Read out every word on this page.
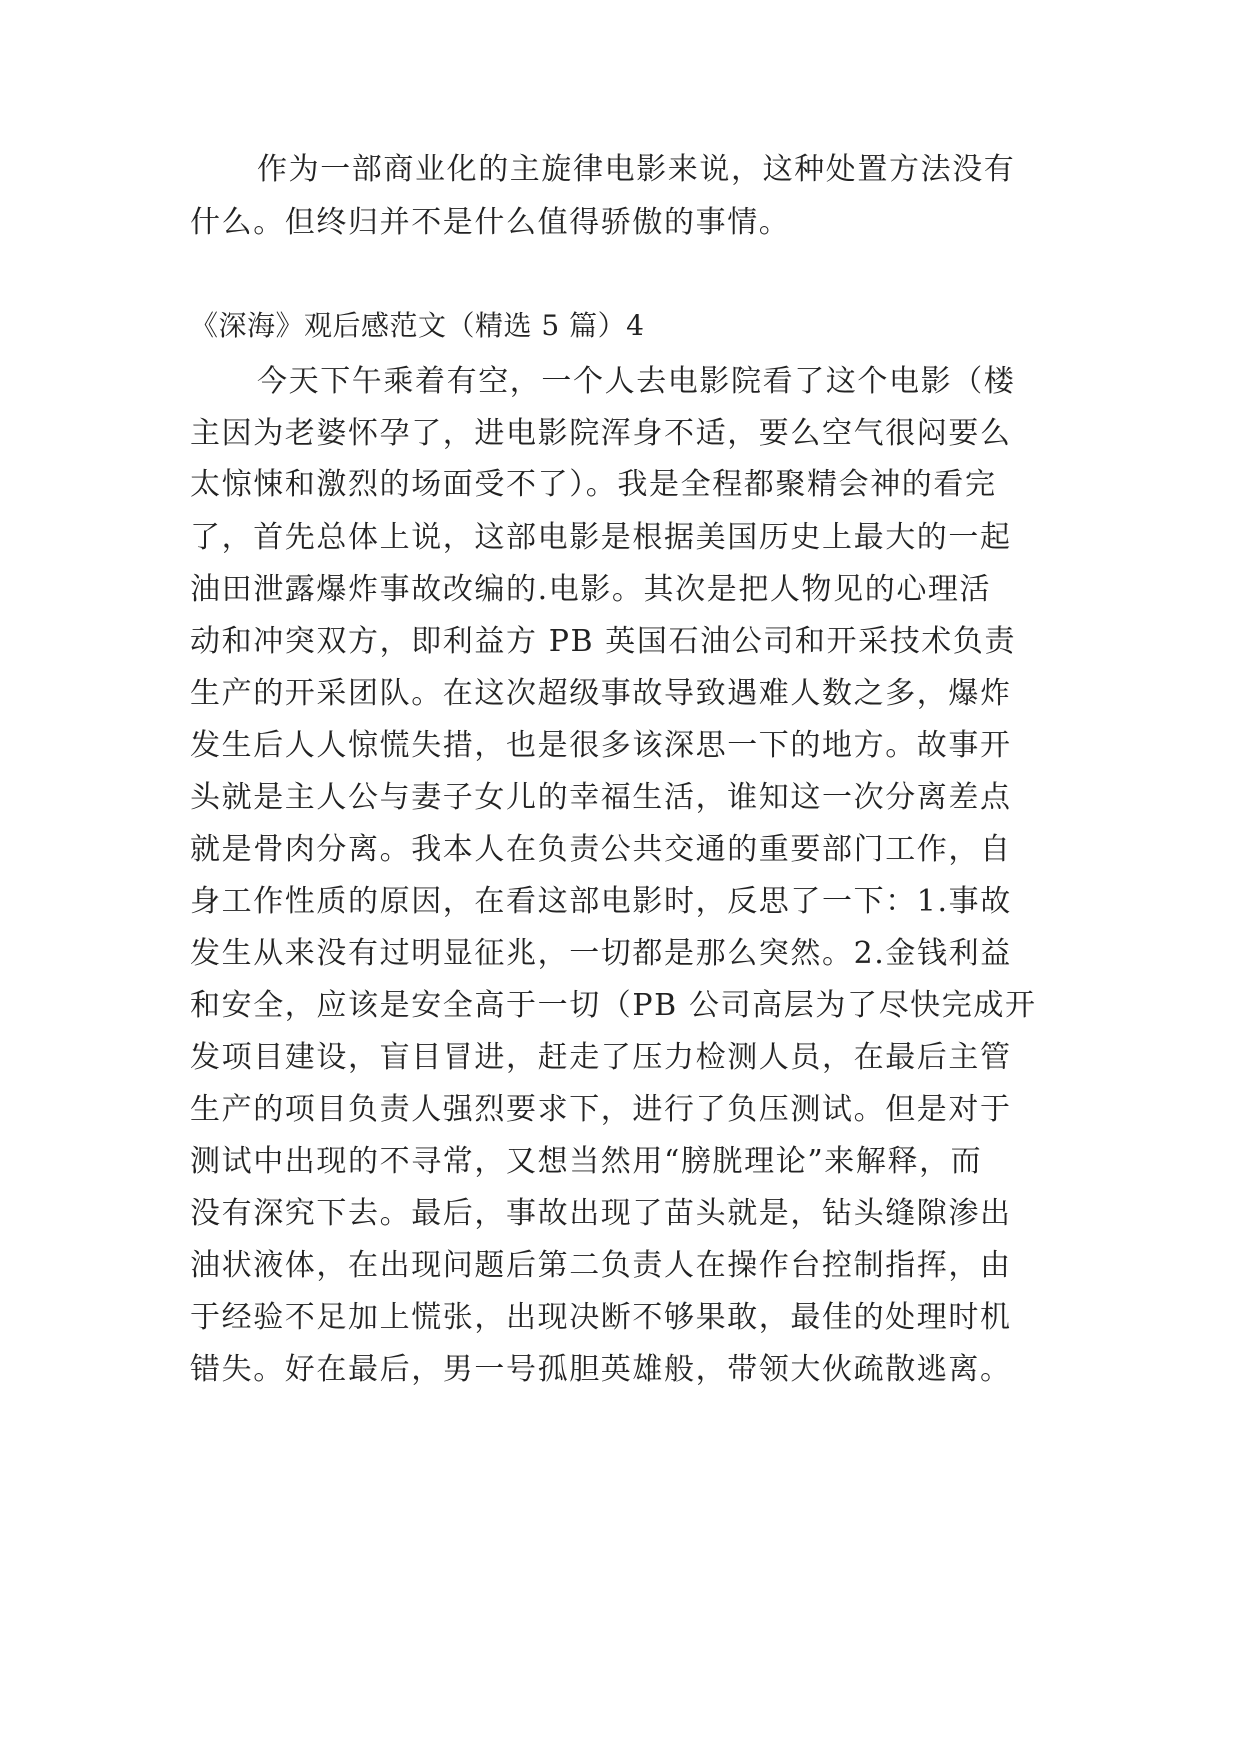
作为一部商业化的主旋律电影来说，这种处置方法没有
什么。但终归并不是什么值得骄傲的事情。
《深海》观后感范文（精选 5 篇）4
今天下午乘着有空，一个人去电影院看了这个电影（楼
主因为老婆怀孕了，进电影院浑身不适，要么空气很闷要么
太惊悚和激烈的场面受不了）。我是全程都聚精会神的看完
了，首先总体上说，这部电影是根据美国历史上最大的一起
油田泄露爆炸事故改编的.电影。其次是把人物见的心理活
动和冲突双方，即利益方 PB 英国石油公司和开采技术负责
生产的开采团队。在这次超级事故导致遇难人数之多，爆炸
发生后人人惊慌失措，也是很多该深思一下的地方。故事开
头就是主人公与妻子女儿的幸福生活，谁知这一次分离差点
就是骨肉分离。我本人在负责公共交通的重要部门工作，自
身工作性质的原因，在看这部电影时，反思了一下：1.事故
发生从来没有过明显征兆，一切都是那么突然。2.金钱利益
和安全，应该是安全高于一切（PB 公司高层为了尽快完成开
发项目建设，盲目冒进，赶走了压力检测人员，在最后主管
生产的项目负责人强烈要求下，进行了负压测试。但是对于
测试中出现的不寻常，又想当然用“膀胱理论”来解释，而
没有深究下去。最后，事故出现了苗头就是，钻头缝隙渗出
油状液体，在出现问题后第二负责人在操作台控制指挥，由
于经验不足加上慌张，出现决断不够果敢，最佳的处理时机
错失。好在最后，男一号孤胆英雄般，带领大伙疏散逃离。
